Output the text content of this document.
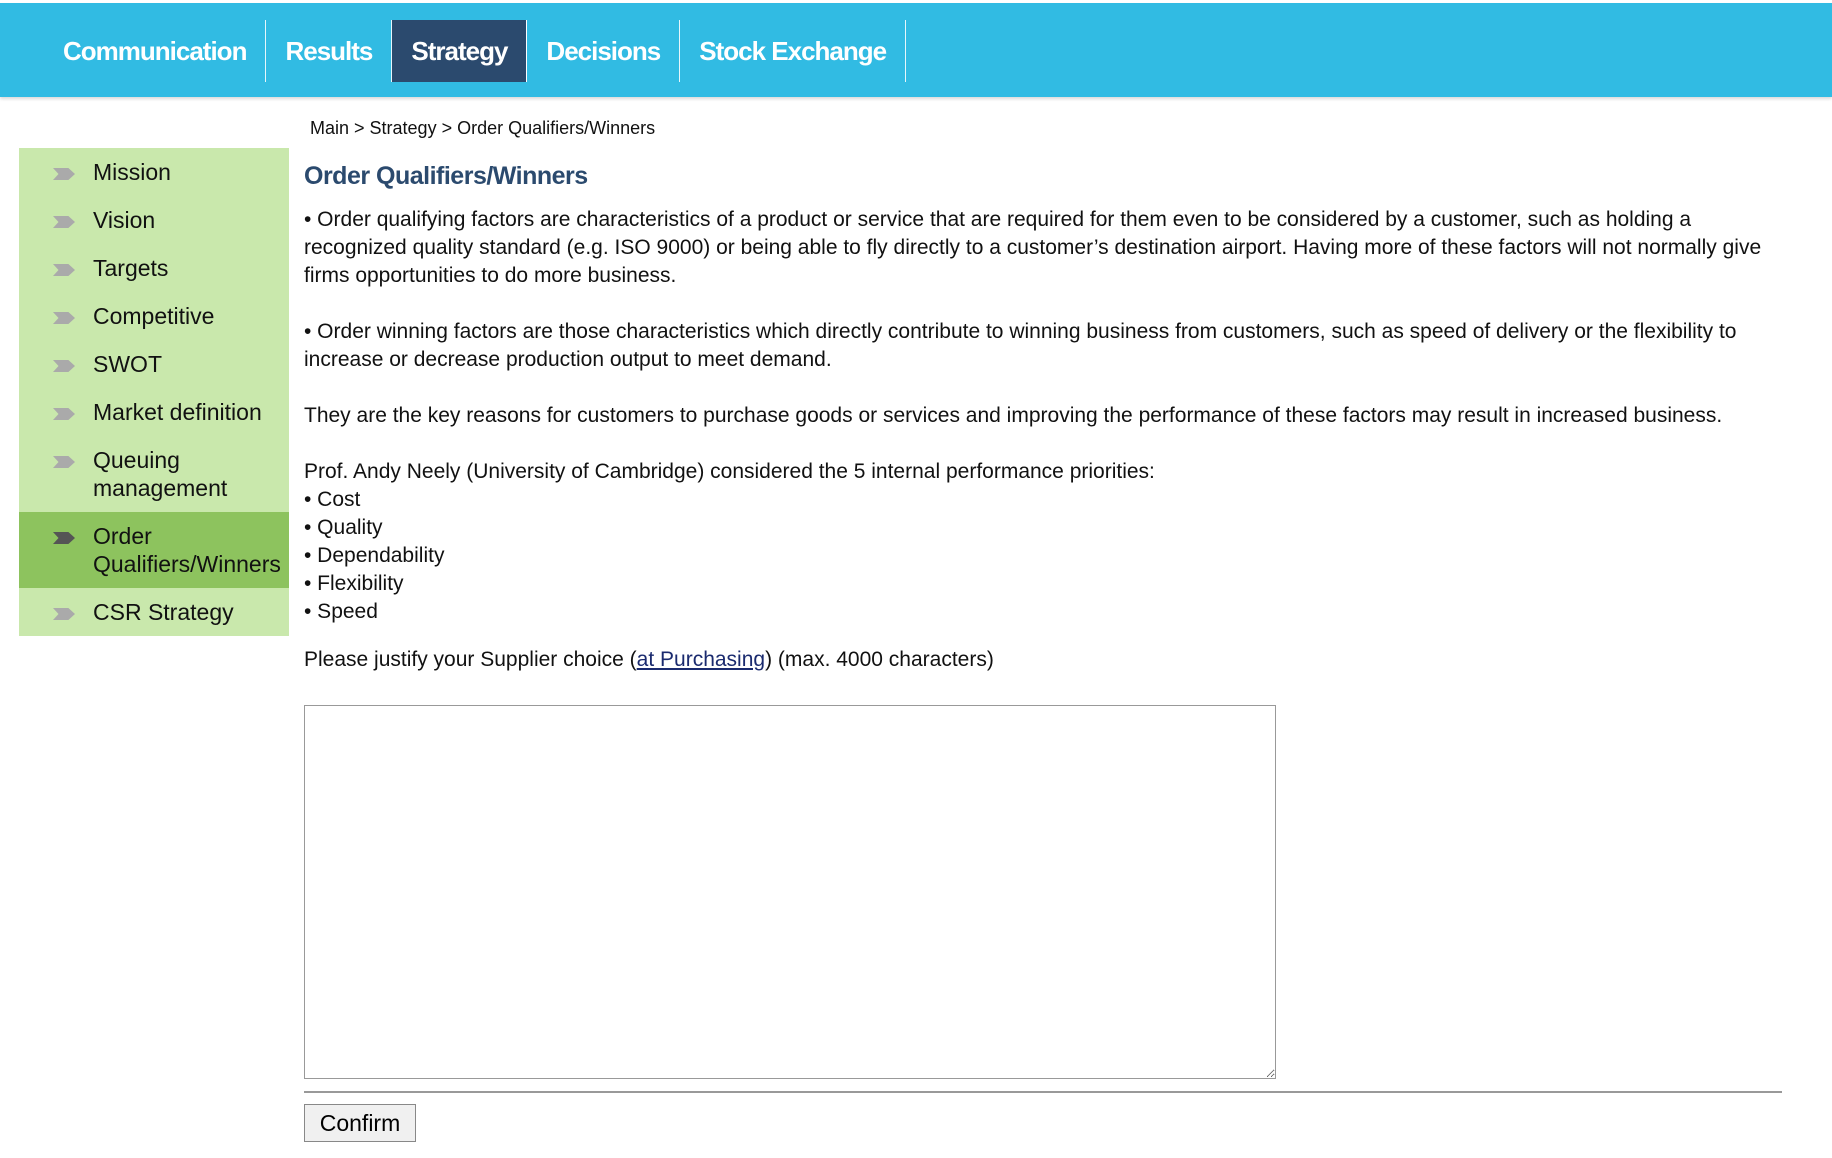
Communication	Results	Strategy	Decisions	Stock Exchange
Main > Strategy > Order Qualifiers/Winners
Mission
Vision
Targets
Competitive
SWOT
Market definition
Queuing management
Order Qualifiers/Winners
CSR Strategy
Order Qualifiers/Winners

• Order qualifying factors are characteristics of a product or service that are required for them even to be considered by a customer, such as holding a recognized quality standard (e.g. ISO 9000) or being able to fly directly to a customer’s destination airport. Having more of these factors will not normally give firms opportunities to do more business.

• Order winning factors are those characteristics which directly contribute to winning business from customers, such as speed of delivery or the flexibility to increase or decrease production output to meet demand.

They are the key reasons for customers to purchase goods or services and improving the performance of these factors may result in increased business.

Prof. Andy Neely (University of Cambridge) considered the 5 internal performance priorities:
• Cost
• Quality
• Dependability
• Flexibility
• Speed
Please justify your Supplier choice (at Purchasing) (max. 4000 characters)
Confirm
